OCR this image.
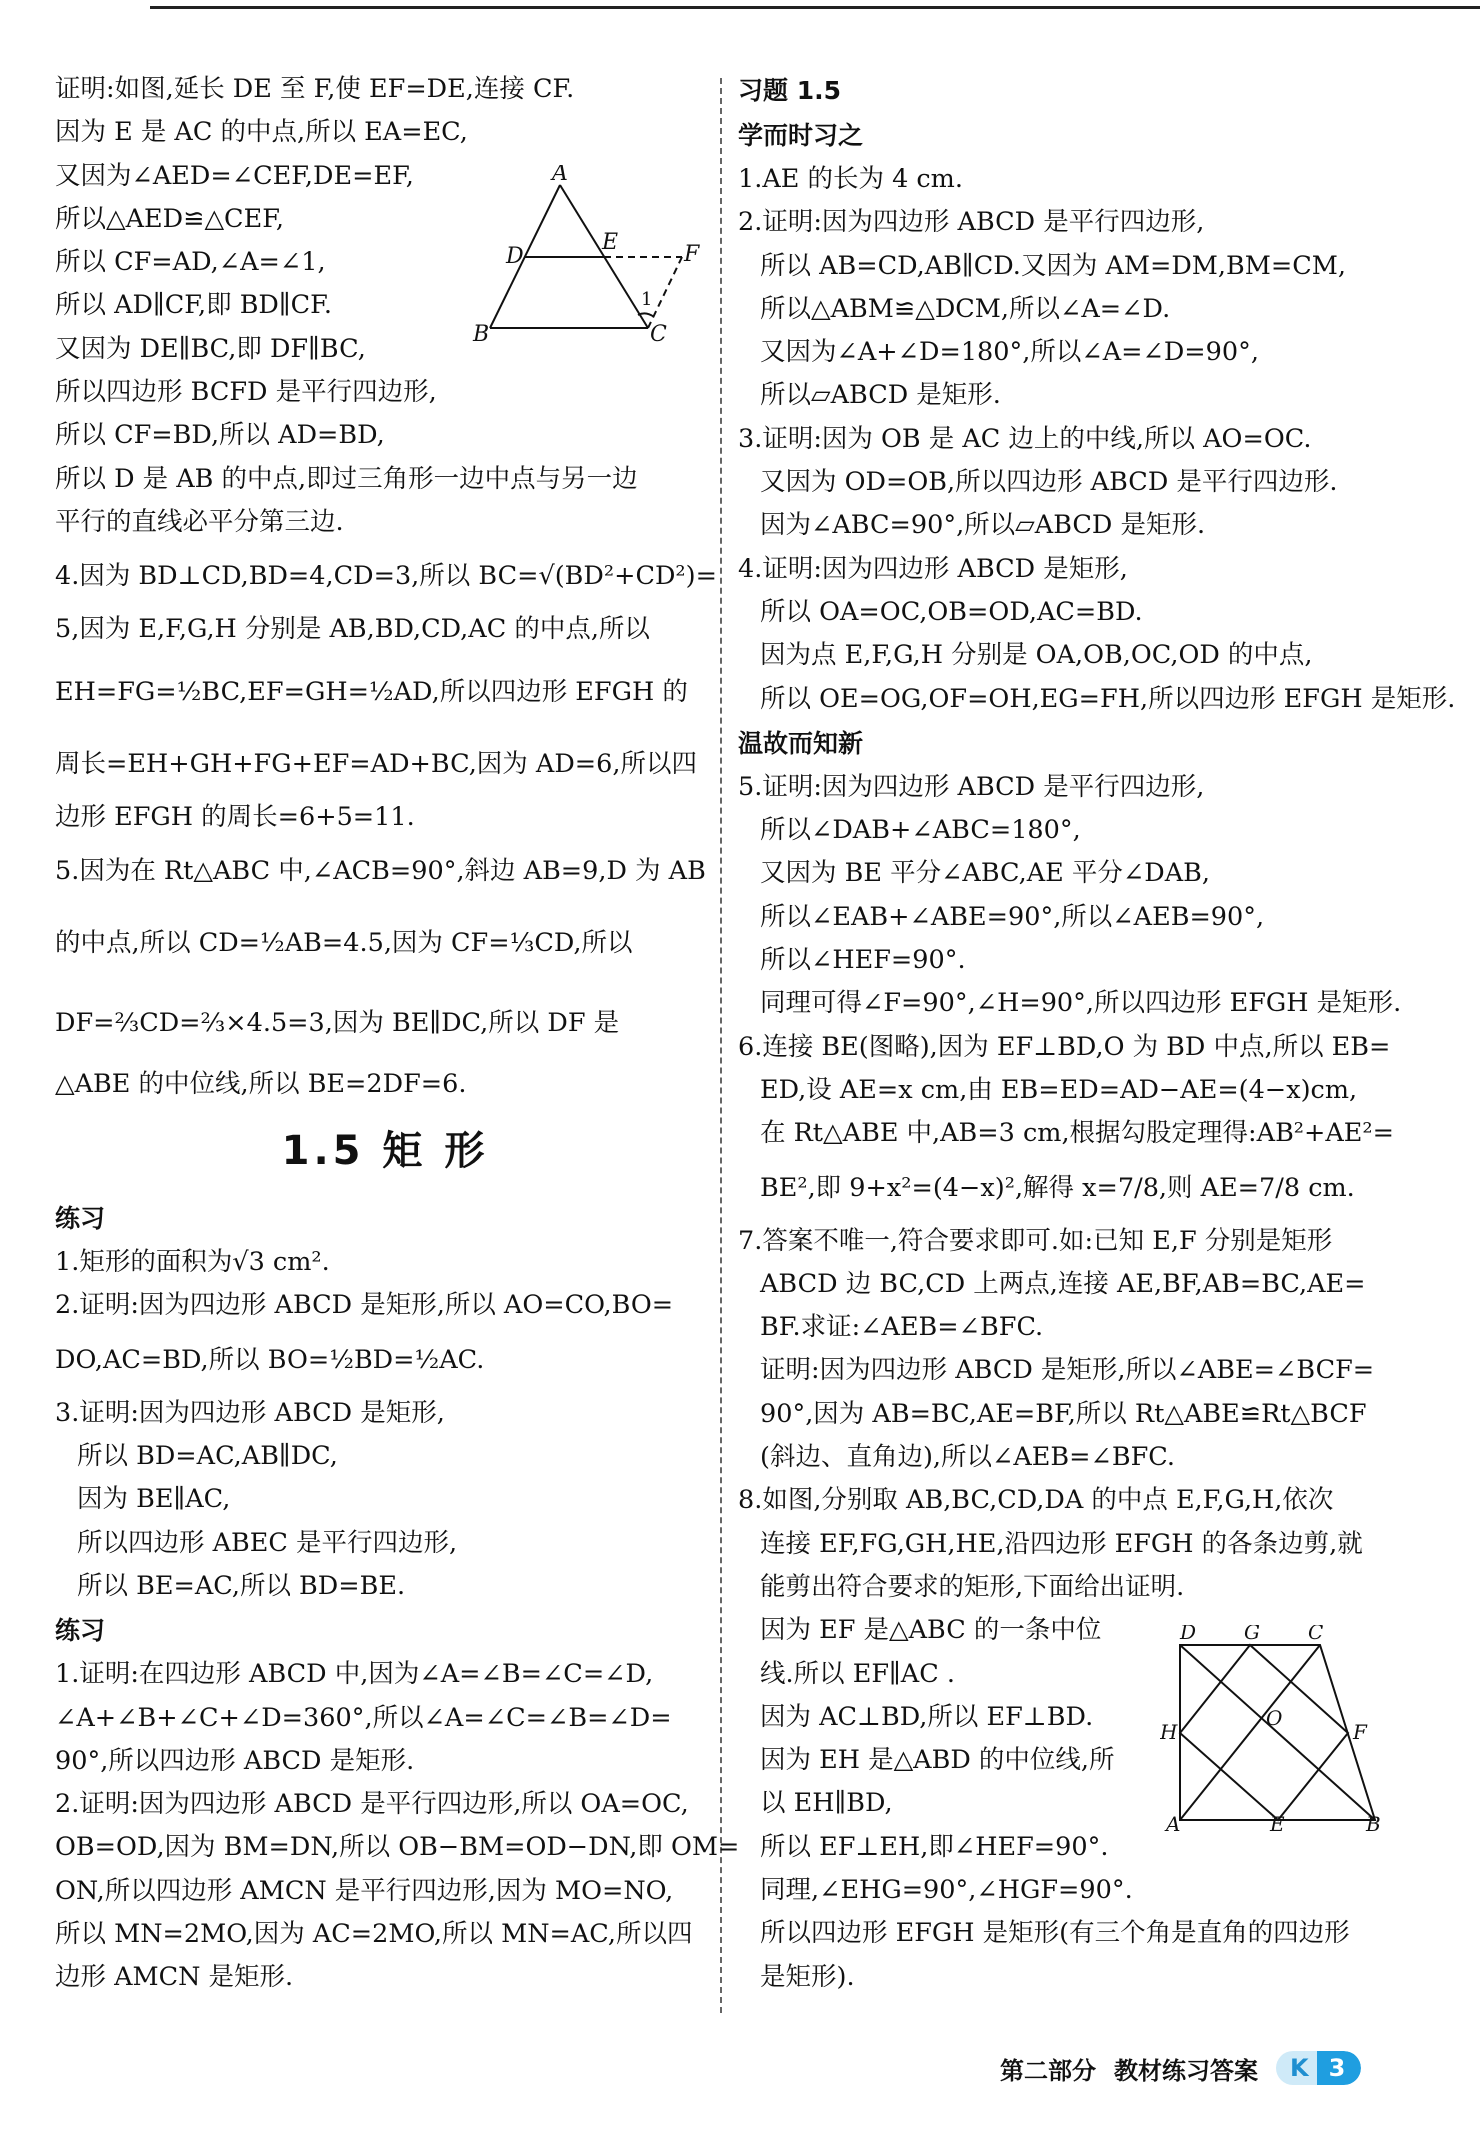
证明:如图,延长 DE 至 F,使 EF=DE,连接 CF.
因为 E 是 AC 的中点,所以 EA=EC,
又因为∠AED=∠CEF,DE=EF,
所以△AED≌△CEF,
所以 CF=AD,∠A=∠1,
所以 AD∥CF,即 BD∥CF.
又因为 DE∥BC,即 DF∥BC,
所以四边形 BCFD 是平行四边形,
所以 CF=BD,所以 AD=BD,
所以 D 是 AB 的中点,即过三角形一边中点与另一边
平行的直线必平分第三边.
4.因为 BD⊥CD,BD=4,CD=3,所以 BC=√(BD²+CD²)=
5,因为 E,F,G,H 分别是 AB,BD,CD,AC 的中点,所以
EH=FG=½BC,EF=GH=½AD,所以四边形 EFGH 的
周长=EH+GH+FG+EF=AD+BC,因为 AD=6,所以四
边形 EFGH 的周长=6+5=11.
5.因为在 Rt△ABC 中,∠ACB=90°,斜边 AB=9,D 为 AB
的中点,所以 CD=½AB=4.5,因为 CF=⅓CD,所以
DF=⅔CD=⅔×4.5=3,因为 BE∥DC,所以 DF 是
△ABE 的中位线,所以 BE=2DF=6.
1.5 矩 形
练习
1.矩形的面积为√3 cm².
2.证明:因为四边形 ABCD 是矩形,所以 AO=CO,BO=
DO,AC=BD,所以 BO=½BD=½AC.
3.证明:因为四边形 ABCD 是矩形,
所以 BD=AC,AB∥DC,
因为 BE∥AC,
所以四边形 ABEC 是平行四边形,
所以 BE=AC,所以 BD=BE.
练习
1.证明:在四边形 ABCD 中,因为∠A=∠B=∠C=∠D,
∠A+∠B+∠C+∠D=360°,所以∠A=∠C=∠B=∠D=
90°,所以四边形 ABCD 是矩形.
2.证明:因为四边形 ABCD 是平行四边形,所以 OA=OC,
OB=OD,因为 BM=DN,所以 OB−BM=OD−DN,即 OM=
ON,所以四边形 AMCN 是平行四边形,因为 MO=NO,
所以 MN=2MO,因为 AC=2MO,所以 MN=AC,所以四
边形 AMCN 是矩形.
A
D
E	F
B	C
1
习题 1.5
学而时习之
1.AE 的长为 4 cm.
2.证明:因为四边形 ABCD 是平行四边形,
所以 AB=CD,AB∥CD.又因为 AM=DM,BM=CM,
所以△ABM≌△DCM,所以∠A=∠D.
又因为∠A+∠D=180°,所以∠A=∠D=90°,
所以▱ABCD 是矩形.
3.证明:因为 OB 是 AC 边上的中线,所以 AO=OC.
又因为 OD=OB,所以四边形 ABCD 是平行四边形.
因为∠ABC=90°,所以▱ABCD 是矩形.
4.证明:因为四边形 ABCD 是矩形,
所以 OA=OC,OB=OD,AC=BD.
因为点 E,F,G,H 分别是 OA,OB,OC,OD 的中点,
所以 OE=OG,OF=OH,EG=FH,所以四边形 EFGH 是矩形.
温故而知新
5.证明:因为四边形 ABCD 是平行四边形,
所以∠DAB+∠ABC=180°,
又因为 BE 平分∠ABC,AE 平分∠DAB,
所以∠EAB+∠ABE=90°,所以∠AEB=90°,
所以∠HEF=90°.
同理可得∠F=90°,∠H=90°,所以四边形 EFGH 是矩形.
6.连接 BE(图略),因为 EF⊥BD,O 为 BD 中点,所以 EB=
ED,设 AE=x cm,由 EB=ED=AD−AE=(4−x)cm,
在 Rt△ABE 中,AB=3 cm,根据勾股定理得:AB²+AE²=
BE²,即 9+x²=(4−x)²,解得 x=7/8,则 AE=7/8 cm.
7.答案不唯一,符合要求即可.如:已知 E,F 分别是矩形
ABCD 边 BC,CD 上两点,连接 AE,BF,AB=BC,AE=
BF.求证:∠AEB=∠BFC.
证明:因为四边形 ABCD 是矩形,所以∠ABE=∠BCF=
90°,因为 AB=BC,AE=BF,所以 Rt△ABE≌Rt△BCF
(斜边、直角边),所以∠AEB=∠BFC.
8.如图,分别取 AB,BC,CD,DA 的中点 E,F,G,H,依次
连接 EF,FG,GH,HE,沿四边形 EFGH 的各条边剪,就
能剪出符合要求的矩形,下面给出证明.
因为 EF 是△ABC 的一条中位
线.所以 EF∥AC .
因为 AC⊥BD,所以 EF⊥BD.
因为 EH 是△ABD 的中位线,所
以 EH∥BD,
所以 EF⊥EH,即∠HEF=90°.
同理,∠EHG=90°,∠HGF=90°.
所以四边形 EFGH 是矩形(有三个角是直角的四边形
是矩形).
D G C
H
O
F
A	E	B
第二部分 教材练习答案	K 3
